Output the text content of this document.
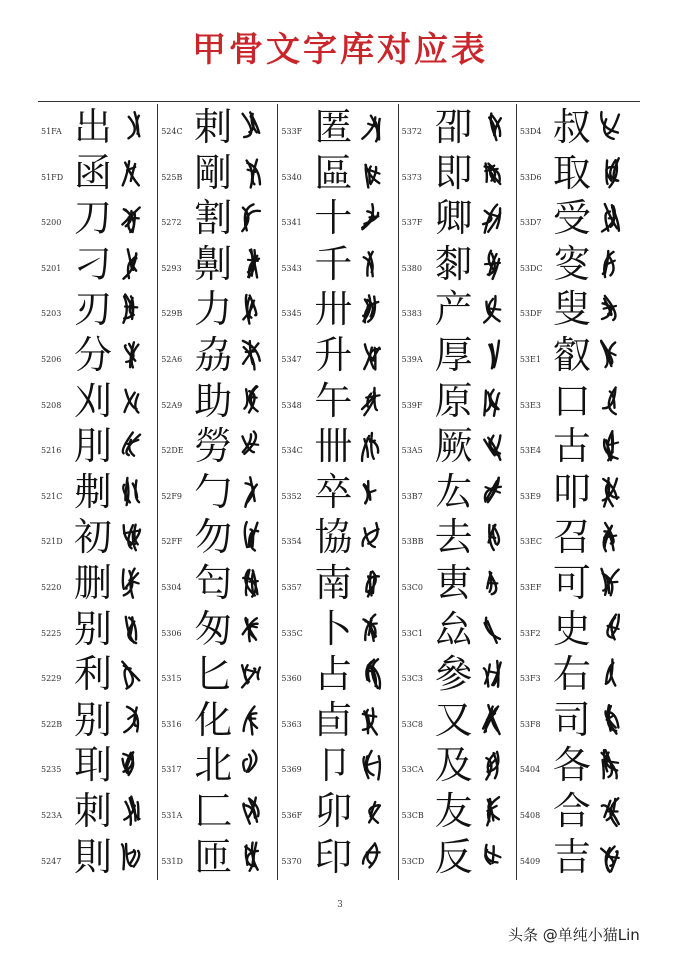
甲骨文字库对应表
51FA 出
51FD 函
5200 刀
5201 刁
5203 刃
5206 分
5208 刈
5216 刖
521C 刜
521D 初
5220 删
5225 别
5229 利
522B 别
5235 刵
523A 刺
5247 則
524C 剌
525B 剛
5272 割
5293 劓
529B 力
52A6 劦
52A9 助
52DE 勞
52F9 勹
52FF 勿
5304 匄
5306 匆
5315 匕
5316 化
5317 北
531A 匚
531D 匝
533F 匿
5340 區
5341 十
5343 千
5345 卅
5347 升
5348 午
534C 卌
5352 卒
5354 協
5357 南
535C 卜
5360 占
5363 卣
5369 卩
536F 卯
5370 印
5372 卲
5373 即
537F 卿
5380 厀
5383 产
539A 厚
539F 原
53A5 厥
53B7 厷
53BB 去
53C0 叀
53C1 厽
53C3 參
53C8 又
53CA 及
53CB 友
53CD 反
53D4 叔
53D6 取
53D7 受
53DC 叜
53DF 叟
53E1 叡
53E3 口
53E4 古
53E9 叩
53EC 召
53EF 可
53F2 史
53F3 右
53F8 司
5404 各
5408 合
5409 吉
3
头条 @单纯小猫Lin
